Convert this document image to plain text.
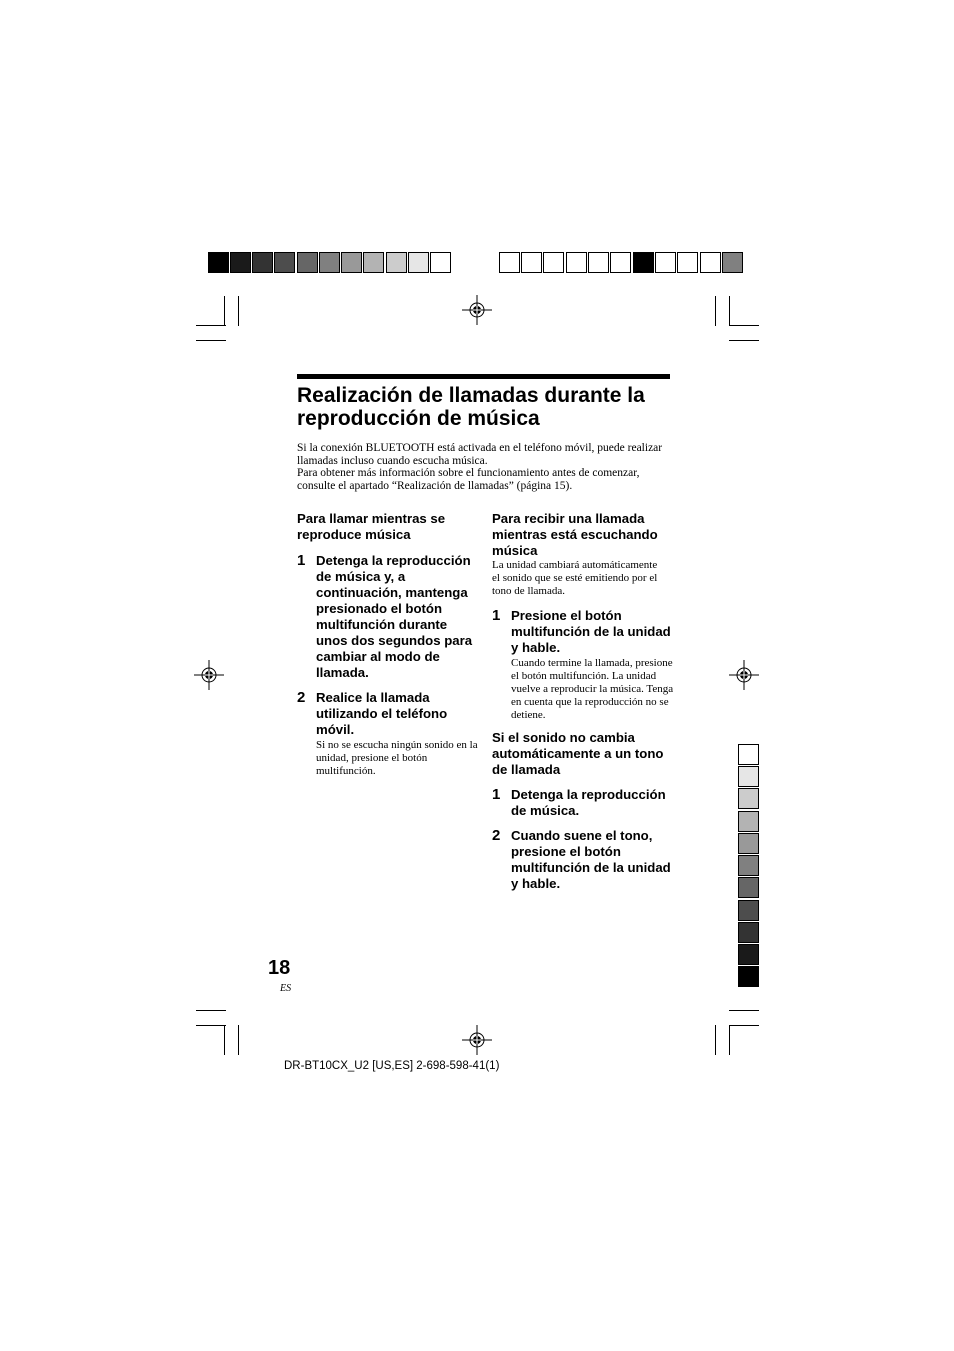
Realización de llamadas durante la reproducción de música
Si la conexión BLUETOOTH está activada en el teléfono móvil, puede realizar llamadas incluso cuando escucha música.
Para obtener más información sobre el funcionamiento antes de comenzar, consulte el apartado “Realización de llamadas” (página 15).
Para llamar mientras se reproduce música
1 Detenga la reproducción de música y, a continuación, mantenga presionado el botón multifunción durante unos dos segundos para cambiar al modo de llamada.
2 Realice la llamada utilizando el teléfono móvil.
Si no se escucha ningún sonido en la unidad, presione el botón multifunción.
Para recibir una llamada mientras está escuchando música
La unidad cambiará automáticamente el sonido que se esté emitiendo por el tono de llamada.
1 Presione el botón multifunción de la unidad y hable.
Cuando termine la llamada, presione el botón multifunción. La unidad vuelve a reproducir la música. Tenga en cuenta que la reproducción no se detiene.
Si el sonido no cambia automáticamente a un tono de llamada
1 Detenga la reproducción de música.
2 Cuando suene el tono, presione el botón multifunción de la unidad y hable.
18
ES
DR-BT10CX_U2 [US,ES] 2-698-598-41(1)
